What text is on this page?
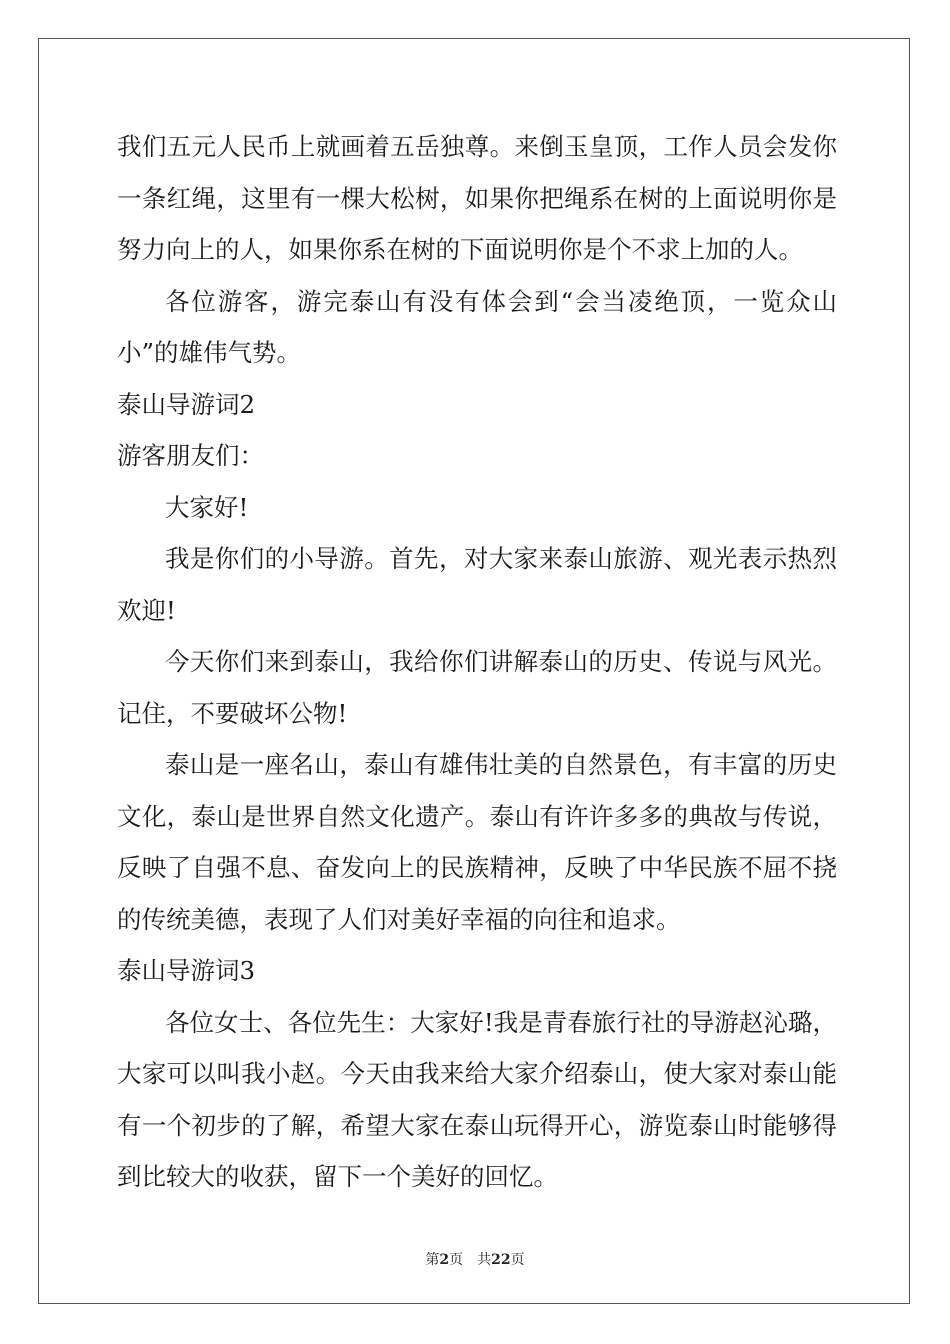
我们五元人民币上就画着五岳独尊。来倒玉皇顶，工作人员会发你一条红绳，这里有一棵大松树，如果你把绳系在树的上面说明你是努力向上的人，如果你系在树的下面说明你是个不求上加的人。

各位游客，游完泰山有没有体会到“会当凌绝顶，一览众山小”的雄伟气势。

泰山导游词2

游客朋友们：

大家好!

我是你们的小导游。首先，对大家来泰山旅游、观光表示热烈欢迎!

今天你们来到泰山，我给你们讲解泰山的历史、传说与风光。记住，不要破坏公物!

泰山是一座名山，泰山有雄伟壮美的自然景色，有丰富的历史文化，泰山是世界自然文化遗产。泰山有许许多多的典故与传说，反映了自强不息、奋发向上的民族精神，反映了中华民族不屈不挠的传统美德，表现了人们对美好幸福的向往和追求。

泰山导游词3

各位女士、各位先生：大家好!我是青春旅行社的导游赵沁璐，大家可以叫我小赵。今天由我来给大家介绍泰山，使大家对泰山能有一个初步的了解，希望大家在泰山玩得开心，游览泰山时能够得到比较大的收获，留下一个美好的回忆。

第2页　共22页
